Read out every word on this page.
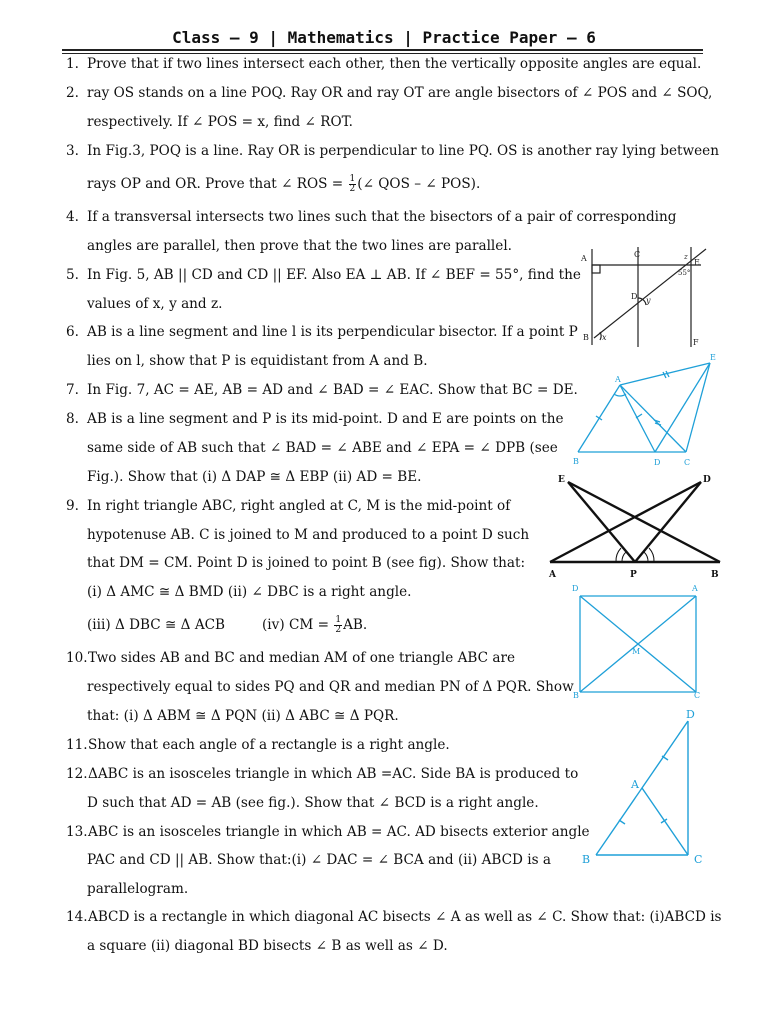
Class – 9 | Mathematics | Practice Paper – 6
1. Prove that if two lines intersect each other, then the vertically opposite angles are equal.
2. ray OS stands on a line POQ. Ray OR and ray OT are angle bisectors of ∠ POS and ∠ SOQ,
respectively. If ∠ POS = x, find ∠ ROT.
3. In Fig.3, POQ is a line. Ray OR is perpendicular to line PQ. OS is another ray lying between
rays OP and OR. Prove that ∠ ROS = $\frac{1}{2}$ (∠ QOS – ∠ POS).
4. If a transversal intersects two lines such that the bisectors of a pair of corresponding
angles are parallel, then prove that the two lines are parallel.
5. In Fig. 5, AB || CD and CD || EF. Also EA ⊥ AB. If ∠ BEF = 55°, find the
values of x, y and z.
6. AB is a line segment and line l is its perpendicular bisector. If a point P
lies on l, show that P is equidistant from A and B.
7. In Fig. 7, AC = AE, AB = AD and ∠ BAD = ∠ EAC. Show that BC = DE.
8. AB is a line segment and P is its mid-point. D and E are points on the
same side of AB such that ∠ BAD = ∠ ABE and ∠ EPA = ∠ DPB (see
Fig.). Show that (i) Δ DAP ≅ Δ EBP (ii) AD = BE.
9. In right triangle ABC, right angled at C, M is the mid-point of
hypotenuse AB. C is joined to M and produced to a point D such
that DM = CM. Point D is joined to point B (see fig). Show that:
(i) Δ AMC ≅ Δ BMD (ii) ∠ DBC is a right angle.
(iii) Δ DBC ≅ Δ ACB	(iv) CM = $\frac{1}{2}$ AB.
10. Two sides AB and BC and median AM of one triangle ABC are
respectively equal to sides PQ and QR and median PN of Δ PQR. Show
that: (i) Δ ABM ≅ Δ PQN (ii) Δ ABC ≅ Δ PQR.
11. Show that each angle of a rectangle is a right angle.
12. ΔABC is an isosceles triangle in which AB =AC. Side BA is produced to
D such that AD = AB (see fig.). Show that ∠ BCD is a right angle.
13. ABC is an isosceles triangle in which AB = AC. AD bisects exterior angle
PAC and CD || AB. Show that:(i) ∠ DAC = ∠ BCA and (ii) ABCD is a
parallelogram.
14. ABCD is a rectangle in which diagonal AC bisects ∠ A as well as ∠ C. Show that: (i)ABCD is
a square (ii) diagonal BD bisects ∠ B as well as ∠ D.
A	C
E
D
B
F
55°
x
y
z
A
E
B	D	C
E	D
A	P	B
D	A
M
B	C
D
A
B	C
